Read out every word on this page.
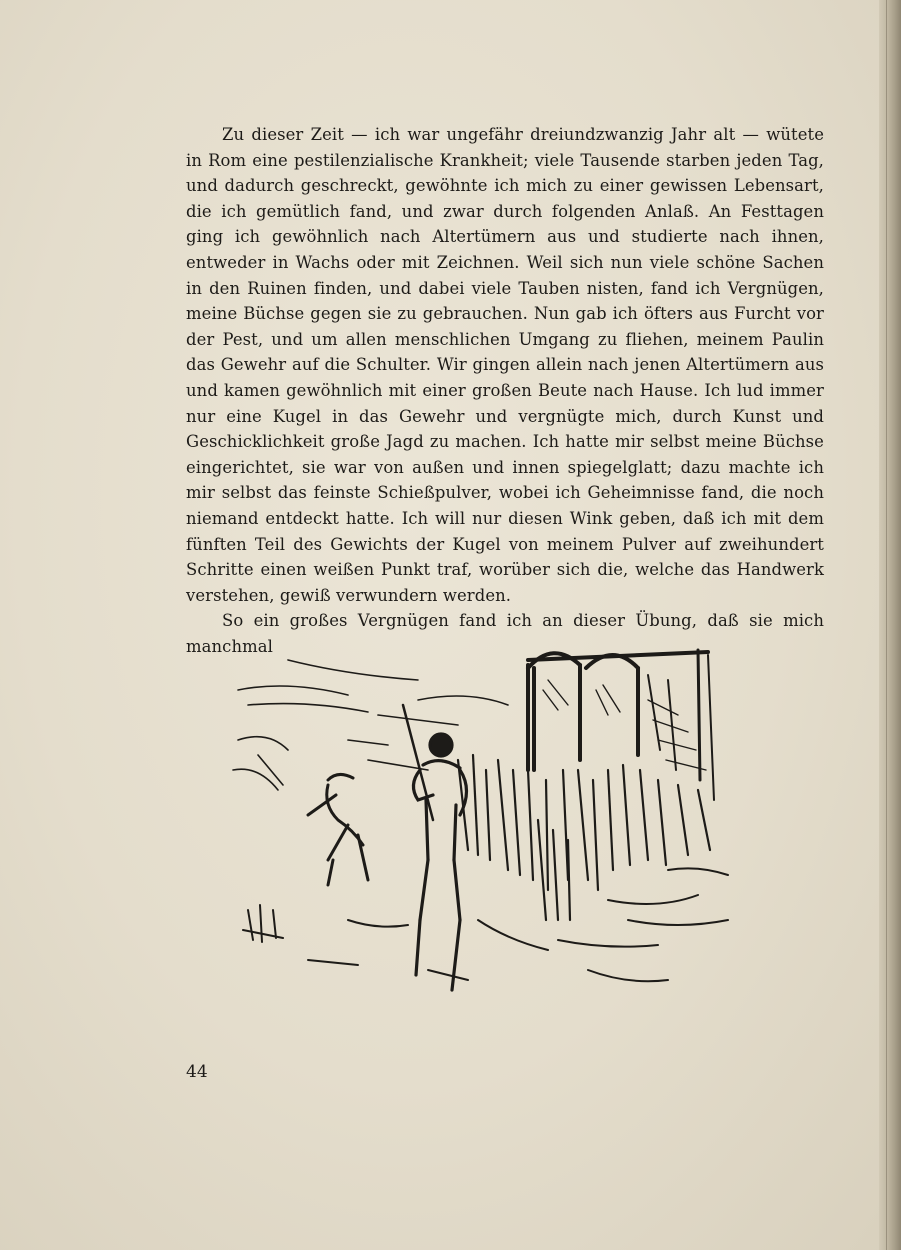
Zu dieser Zeit — ich war ungefähr dreiundzwanzig Jahr alt — wütete in Rom eine pestilenzialische Krankheit; viele Tausende starben jeden Tag, und dadurch geschreckt, gewöhnte ich mich zu einer gewissen Lebensart, die ich gemütlich fand, und zwar durch folgenden Anlaß. An Festtagen ging ich gewöhnlich nach Altertümern aus und studierte nach ihnen, entweder in Wachs oder mit Zeichnen. Weil sich nun viele schöne Sachen in den Ruinen finden, und dabei viele Tauben nisten, fand ich Vergnügen, meine Büchse gegen sie zu gebrauchen. Nun gab ich öfters aus Furcht vor der Pest, und um allen menschlichen Umgang zu fliehen, meinem Paulin das Gewehr auf die Schulter. Wir gingen allein nach jenen Altertümern aus und kamen gewöhnlich mit einer großen Beute nach Hause. Ich lud immer nur eine Kugel in das Gewehr und vergnügte mich, durch Kunst und Geschicklichkeit große Jagd zu machen. Ich hatte mir selbst meine Büchse eingerichtet, sie war von außen und innen spiegelglatt; dazu machte ich mir selbst das feinste Schießpulver, wobei ich Geheimnisse fand, die noch niemand entdeckt hatte. Ich will nur diesen Wink geben, daß ich mit dem fünften Teil des Gewichts der Kugel von meinem Pulver auf zweihundert Schritte einen weißen Punkt traf, worüber sich die, welche das Handwerk verstehen, gewiß verwundern werden.

So ein großes Vergnügen fand ich an dieser Übung, daß sie mich manchmal

44
